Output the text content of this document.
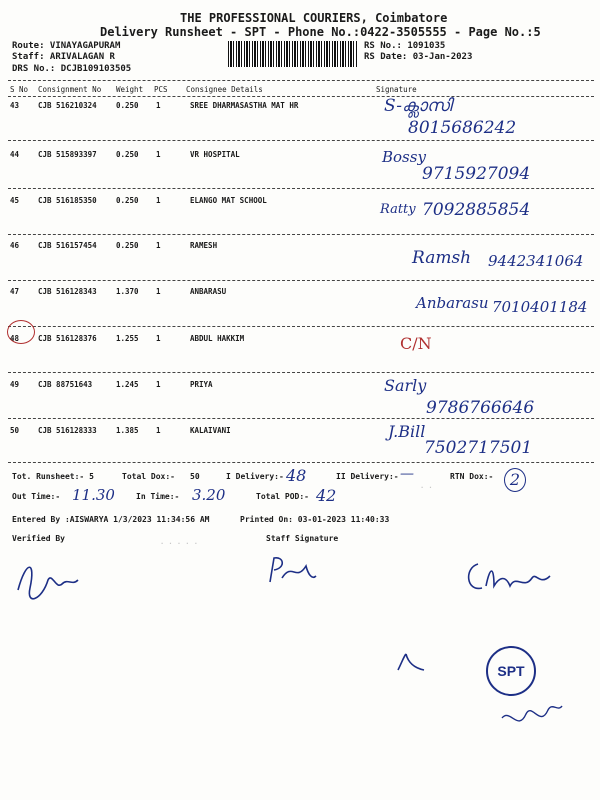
THE PROFESSIONAL COURIERS, Coimbatore
Delivery Runsheet - SPT - Phone No.:0422-3505555 - Page No.:5
Route: VINAYAGAPURAM
Staff: ARIVALAGAN R
DRS No.: DCJB109103505
RS No.: 1091035
RS Date: 03-Jan-2023
S No Consignment No Weight PCS Consignee Details	Signature
43	CJB 516210324	0.250 1	SREE DHARMASASTHA MAT HR	S-ക്ലാസി
8015686242
44	CJB 515893397	0.250 1	VR HOSPITAL	Bossy
9715927094
45	CJB 516185350	0.250 1	ELANGO MAT SCHOOL
Ratty 7092885854
46	CJB 516157454	0.250 1	RAMESH
Ramsh 9442341064
47	CJB 516128343	1.370 1	ANBARASU
Anbarasu 7010401184
48	CJB 516128376	1.255 1	ABDUL HAKKIM	C/N
49	CJB 88751643	1.245 1	PRIYA	Sarly
9786766646
50	CJB 516128333	1.385 1	KALAIVANI	J.Bill
7502717501
Tot. Runsheet:- 5	Total Dox:- 50	I Delivery:- 48	II Delivery:- —	RTN Dox:-	2
Out Time:- 11.30	In Time:- 3.20	Total POD:- 42
Entered By :AISWARYA 1/3/2023 11:34:56 AM	Printed On: 03-01-2023 11:40:33
Verified By	Staff Signature
· ·
· · · · ·
SPT
